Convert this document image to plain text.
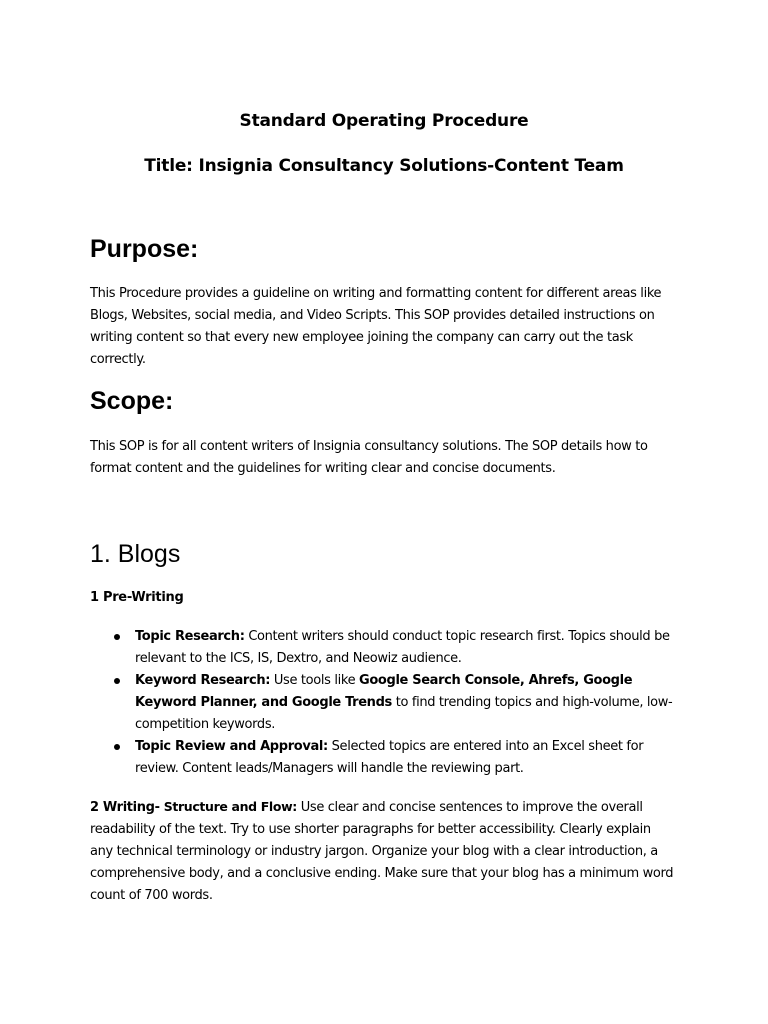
Standard Operating Procedure
Title: Insignia Consultancy Solutions-Content Team
Purpose:
This Procedure provides a guideline on writing and formatting content for different areas like Blogs, Websites, social media, and Video Scripts. This SOP provides detailed instructions on writing content so that every new employee joining the company can carry out the task correctly.
Scope:
This SOP is for all content writers of Insignia consultancy solutions. The SOP details how to format content and the guidelines for writing clear and concise documents.
1. Blogs
1 Pre-Writing
Topic Research: Content writers should conduct topic research first. Topics should be relevant to the ICS, IS, Dextro, and Neowiz audience.
Keyword Research: Use tools like Google Search Console, Ahrefs, Google Keyword Planner, and Google Trends to find trending topics and high-volume, low-competition keywords.
Topic Review and Approval: Selected topics are entered into an Excel sheet for review. Content leads/Managers will handle the reviewing part.
2 Writing- Structure and Flow: Use clear and concise sentences to improve the overall readability of the text. Try to use shorter paragraphs for better accessibility. Clearly explain any technical terminology or industry jargon. Organize your blog with a clear introduction, a comprehensive body, and a conclusive ending. Make sure that your blog has a minimum word count of 700 words.
